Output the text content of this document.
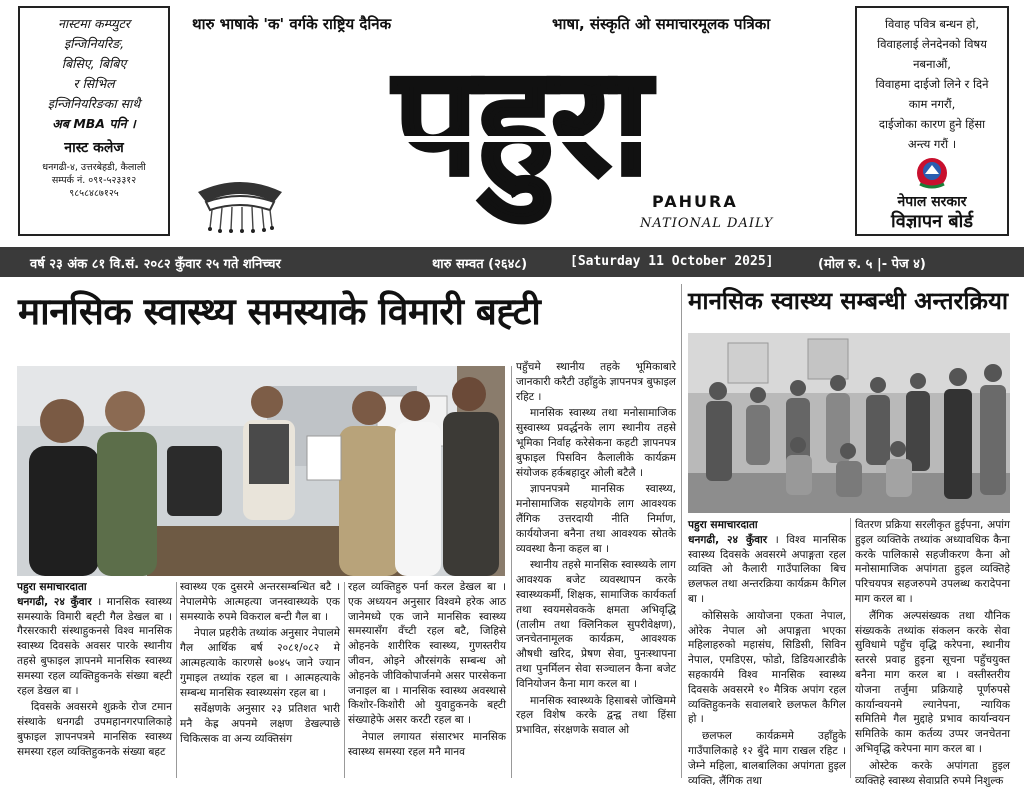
नास्टमा कम्प्युटर
इन्जिनियरिङ,
बिसिए, बिबिए
र सिभिल
इन्जिनियरिङका साथै
अब MBA पनि ।
नास्ट कलेज
धनगढी-४, उत्तरबेहडी, कैलाली
सम्पर्क नं. ०९१-५२३३१२
९८५८४८७१२५
विवाह पवित्र बन्धन हो,
विवाहलाई लेनदेनको विषय
नबनाऔं,
विवाहमा दाईजो लिने र दिने
काम नगरौं,
दाईजोका कारण हुने हिंसा
अन्त्य गरौं ।
नेपाल सरकार
विज्ञापन बोर्ड
थारु भाषाके 'क' वर्गके राष्ट्रिय दैनिक	भाषा, संस्कृति ओ समाचारमूलक पत्रिका
पहुरा PAHURA
NATIONAL DAILY
वर्ष २३ अंक ८१ वि.सं. २०८२ कुँवार २५ गते शनिच्चर	थारु सम्वत (२६४८)	[Saturday 11 October 2025]	(मोल रु. ५ |- पेज ४)
मानसिक स्वास्थ्य समस्याके विमारी बह्टी	मानसिक स्वास्थ्य सम्बन्धी अन्तरक्रिया
पहुरा समाचारदाता

धनगढी, २४ कुँवार । मानसिक स्वास्थ्य समस्याके विमारी बह्टी गैल डेखल बा । गैरसरकारी संस्थाहुकनसे विश्व मानसिक स्वास्थ्य दिवसके अवसर पारके स्थानीय तहसे बुफाइल ज्ञापनमे मानसिक स्वास्थ्य समस्या रहल व्यक्तिहुकनके संख्या बह्टी रहल डेखल बा ।

दिवसके अवसरमे शुक्रके रोज टमान संस्थाके धनगढी उपमहानगरपालिकाहे बुफाइल ज्ञापनपत्रमे मानसिक स्वास्थ्य समस्या रहल व्यक्तिहुकनके संख्या बहट

स्वास्थ्य एक दुसरमे अन्तरसम्बन्धित बटै । नेपालमेफे आत्महत्या जनस्वास्थ्यके एक समस्याके रुपमे विकराल बन्टी गैल बा ।

नेपाल प्रहरीके तथ्यांक अनुसार नेपालमे गैल आर्थिक बर्ष २०८१/०८२ मे आत्महत्याके कारणसे ७०४५ जाने ज्यान गुमाइल तथ्यांक रहल बा । आत्महत्याके सम्बन्ध मानसिक स्वास्थ्यसंग रहल बा ।

सर्वेक्षणके अनुसार २३ प्रतिशत भारी मनै केह्र अपनमे लक्षण डेखल्पाछे चिकित्सक वा अन्य व्यक्तिसंग

रहल व्यक्तिहुरु पर्ना करल डेखल बा । एक अध्ययन अनुसार विश्वमे हरेक आठ जानेमध्ये एक जाने मानसिक स्वास्थ्य समस्यासँग वँच्टी रहल बटै, जिहिसे ओहनके शारीरिक स्वास्थ्य, गुणस्तरीय जीवन, ओइने औरसंगके सम्बन्ध ओ ओहनके जीविकोपार्जनमे असर पारसेकना जनाइल बा । मानसिक स्वास्थ्य अवस्थासे किशोर-किशोरी ओ युवाहुकनके बह्टी संख्याहेफे असर करटी रहल बा ।

नेपाल लगायत संसारभर मानसिक स्वास्थ्य समस्या रहल मनै मानव

पहुँचमे स्थानीय तहके भूमिकाबारे जानकारी करैटी उहाँहुके ज्ञापनपत्र बुफाइल रहिट ।

मानसिक स्वास्थ्य तथा मनोसामाजिक सुस्वास्थ्य प्रवर्द्धनके लाग स्थानीय तहसे भूमिका निर्वाह करेसेकना कहटी ज्ञापनपत्र बुफाइल पिसविन कैलालीके कार्यक्रम संयोजक हर्कबहादुर ओली बटैलै ।

ज्ञापनपत्रमे मानसिक स्वास्थ्य, मनोसामाजिक सहयोगके लाग आवश्यक लैंगिक उत्तरदायी नीति निर्माण, कार्ययोजना बनैना तथा आवश्यक स्रोतके व्यवस्था कैना कहल बा ।

स्थानीय तहसे मानसिक स्वास्थ्यके लाग आवश्यक बजेट व्यवस्थापन करके स्वास्थ्यकर्मी, शिक्षक, सामाजिक कार्यकर्ता तथा स्वयमसेवकके क्षमता अभिवृद्धि (तालीम तथा क्लिनिकल सुपरीवेक्षण), जनचेतनामूलक कार्यक्रम, आवश्यक औषधी खरिद, प्रेषण सेवा, पुनःस्थापना तथा पुनर्मिलन सेवा सञ्चालन कैना बजेट विनियोजन कैना माग करल बा ।

मानसिक स्वास्थ्यके हिसाबसे जोखिममे रहल विशेष करके द्वन्द्व तथा हिंसा प्रभावित, संरक्षणके सवाल ओ

पहुरा समाचारदाता

धनगढी, २४ कुँवार । विश्व मानसिक स्वास्थ्य दिवसके अवसरमे अपाङ्गता रहल व्यक्ति ओ कैलारी गाउँपालिका बिच छलफल तथा अन्तरक्रिया कार्यक्रम कैगिल बा ।

कोसिसके आयोजना एकता नेपाल, ओरेक नेपाल ओ अपाङ्गता भएका महिलाहरुको महासंघ, सिडिसी, सिविन नेपाल, एमडिएस, फोडो, डिडियआरडीके सहकार्यमे विश्व मानसिक स्वास्थ्य दिवसके अवसरमे १० मैत्रिक अपांग रहल व्यक्तिहुकनके सवालबारे छलफल कैगिल हो ।

छलफल कार्यक्रममे उहाँहुके गाउँपालिकाहे १२ बुँदे माग राखल रहिट । जेम्ने महिला, बालबालिका अपांगता हुइल व्यक्ति, लैंगिक तथा

वितरण प्रक्रिया सरलीकृत हुईपना, अपांग हुइल व्यक्तिके तथ्यांक अध्यावधिक कैना करके पालिकासे सहजीकरण कैना ओ मनोसामाजिक अपांगता हुइल व्यक्तिहे परिचयपत्र सहजरुपमे उपलब्ध करादेपना माग करल बा ।

लैंगिक अल्पसंख्यक तथा यौनिक संख्यकके तथ्यांक संकलन करके सेवा सुविधामे पहुँच वृद्धि करेपना, स्थानीय स्तरसे प्रवाह हुइना सूचना पहुँचयुक्त बनैना माग करल बा । वस्तीस्तरीय योजना तर्जुमा प्रक्रियाहे पूर्णरुपसे कार्यान्वयनमे ल्यानेपना, न्यायिक समितिमे गैल मुद्दाहे प्रभाव कार्यान्वयन समितिके काम कर्तव्य उप्पर जनचेतना अभिवृद्धि करेपना माग करल बा ।

ओस्टेक करके अपांगता हुइल व्यक्तिहे स्वास्थ्य सेवाप्रति रुपमे निशुल्क
